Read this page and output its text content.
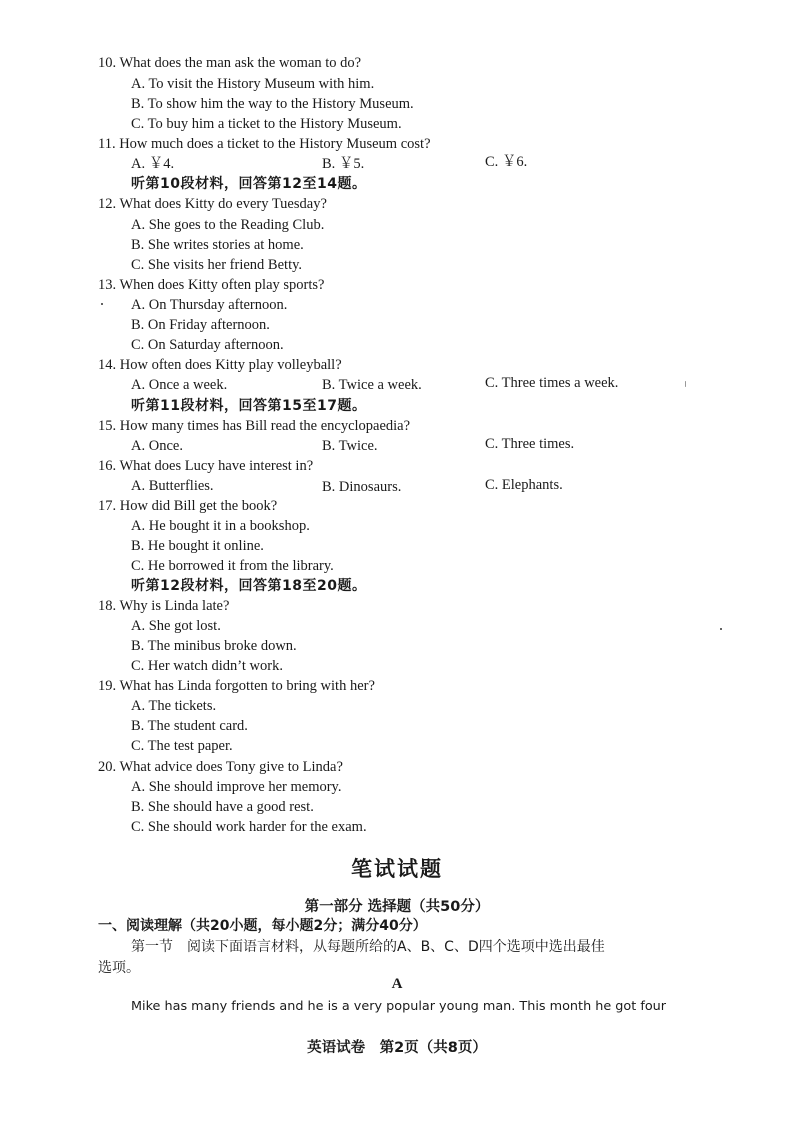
10. What does the man ask the woman to do?
A. To visit the History Museum with him.
B. To show him the way to the History Museum.
C. To buy him a ticket to the History Museum.
11. How much does a ticket to the History Museum cost?
A. ￥4.	B. ￥5.	C. ￥6.
听第10段材料，回答第12至14题。
12. What does Kitty do every Tuesday?
A. She goes to the Reading Club.
B. She writes stories at home.
C. She visits her friend Betty.
13. When does Kitty often play sports?
A. On Thursday afternoon.
B. On Friday afternoon.
C. On Saturday afternoon.
14. How often does Kitty play volleyball?
A. Once a week.	B. Twice a week.	C. Three times a week.
听第11段材料，回答第15至17题。
15. How many times has Bill read the encyclopaedia?
A. Once.	B. Twice.	C. Three times.
16. What does Lucy have interest in?
A. Butterflies.	B. Dinosaurs.	C. Elephants.
17. How did Bill get the book?
A. He bought it in a bookshop.
B. He bought it online.
C. He borrowed it from the library.
听第12段材料，回答第18至20题。
18. Why is Linda late?
A. She got lost.
B. The minibus broke down.
C. Her watch didn’t work.
19. What has Linda forgotten to bring with her?
A. The tickets.
B. The student card.
C. The test paper.
20. What advice does Tony give to Linda?
A. She should improve her memory.
B. She should have a good rest.
C. She should work harder for the exam.
笔试试题
第一部分 选择题（共50分）
一、阅读理解（共20小题，每小题2分；满分40分）
第一节　阅读下面语言材料，从每题所给的A、B、C、D四个选项中选出最佳
选项。
A
Mike has many friends and he is a very popular young man. This month he got four
英语试卷　第2页（共8页）
